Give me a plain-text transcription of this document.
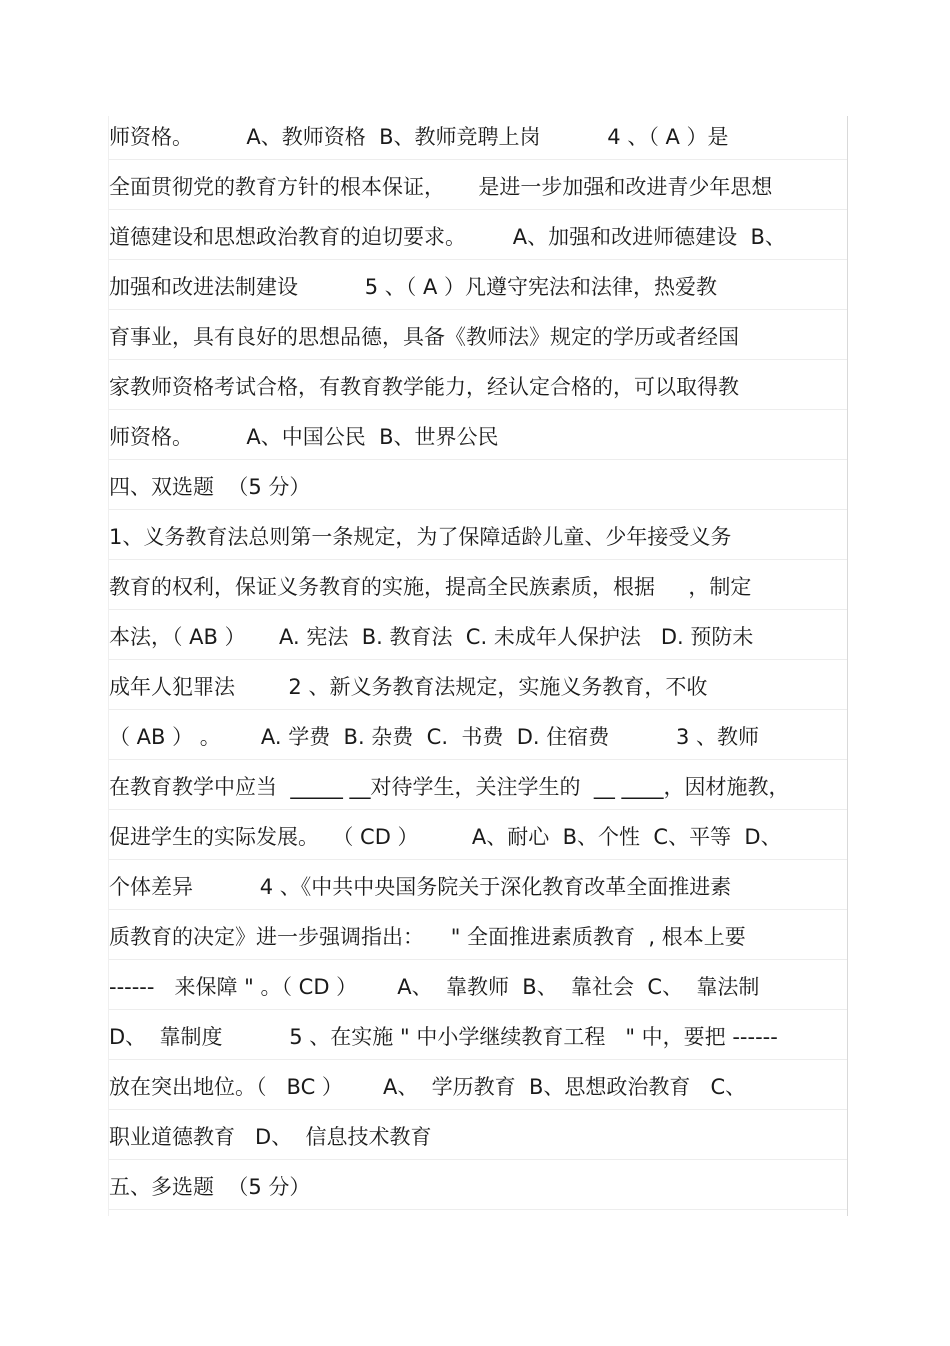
师资格。        A、教师资格  B、教师竞聘上岗          4 、（ A ）是
全面贯彻党的教育方针的根本保证，     是进一步加强和改进青少年思想
道德建设和思想政治教育的迫切要求。       A、加强和改进师德建设  B、
加强和改进法制建设          5 、（ A ）凡遵守宪法和法律，热爱教
育事业，具有良好的思想品德，具备《教师法》规定的学历或者经国
家教师资格考试合格，有教育教学能力，经认定合格的，可以取得教
师资格。        A、中国公民  B、世界公民
四、双选题  （5 分）
1、义务教育法总则第一条规定，为了保障适龄儿童、少年接受义务
教育的权利，保证义务教育的实施，提高全民族素质，根据     ，制定
本法，（ AB ）     A. 宪法  B. 教育法  C. 未成年人保护法   D. 预防未
成年人犯罪法        2 、新义务教育法规定，实施义务教育，不收
（ AB ） 。      A. 学费  B. 杂费  C.  书费  D. 住宿费          3 、教师
在教育教学中应当  _____ __对待学生，关注学生的  __ ____，因材施教，
促进学生的实际发展。  （ CD ）        A、耐心  B、个性  C、平等  D、
个体差异          4 、《中共中央国务院关于深化教育改革全面推进素
质教育的决定》进一步强调指出：    " 全面推进素质教育  , 根本上要
------   来保障 " 。（ CD ）      A、  靠教师  B、  靠社会  C、  靠法制
D、  靠制度          5 、在实施 " 中小学继续教育工程   " 中，要把 ------
放在突出地位。（   BC ）      A、  学历教育  B、思想政治教育   C、
职业道德教育   D、  信息技术教育
五、多选题  （5 分）
